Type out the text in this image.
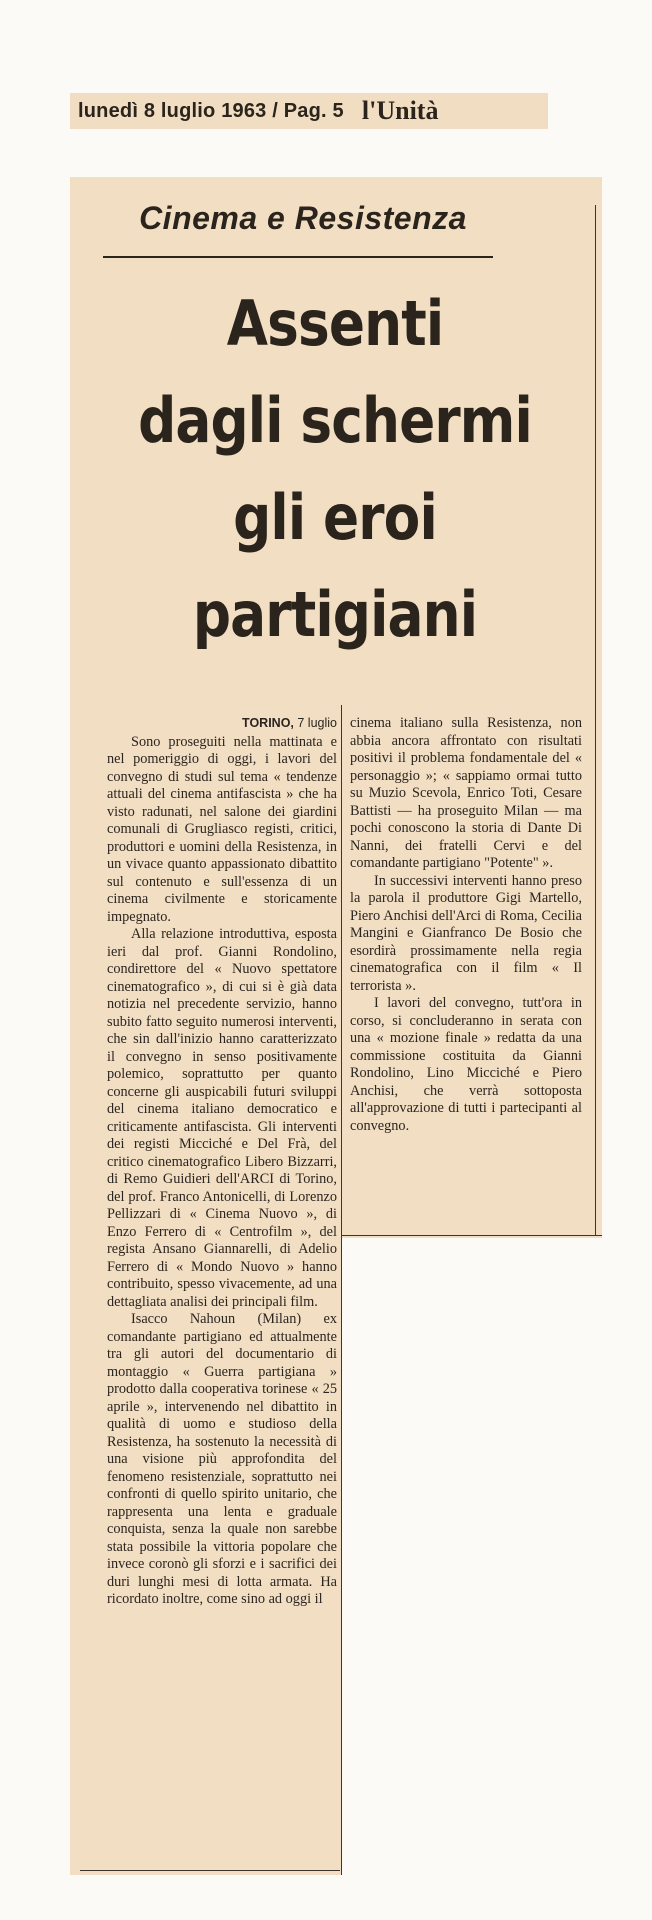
lunedì 8 luglio 1963 / Pag. 5 l'Unità
Cinema e Resistenza
Assenti
dagli schermi
gli eroi
partigiani
TORINO, 7 luglio

Sono proseguiti nella mattinata e nel pomeriggio di oggi, i lavori del convegno di studi sul tema « tendenze attuali del cinema antifascista » che ha visto radunati, nel salone dei giardini comunali di Grugliasco registi, critici, produttori e uomini della Resistenza, in un vivace quanto appassionato dibattito sul contenuto e sull'essenza di un cinema civilmente e storicamente impegnato.

Alla relazione introduttiva, esposta ieri dal prof. Gianni Rondolino, condirettore del « Nuovo spettatore cinematografico », di cui si è già data notizia nel precedente servizio, hanno subito fatto seguito numerosi interventi, che sin dall'inizio hanno caratterizzato il convegno in senso positivamente polemico, soprattutto per quanto concerne gli auspicabili futuri sviluppi del cinema italiano democratico e criticamente antifascista. Gli interventi dei registi Micciché e Del Frà, del critico cinematografico Libero Bizzarri, di Remo Guidieri dell'ARCI di Torino, del prof. Franco Antonicelli, di Lorenzo Pellizzari di « Cinema Nuovo », di Enzo Ferrero di « Centrofilm », del regista Ansano Giannarelli, di Adelio Ferrero di « Mondo Nuovo » hanno contribuito, spesso vivacemente, ad una dettagliata analisi dei principali film.

Isacco Nahoun (Milan) ex comandante partigiano ed attualmente tra gli autori del documentario di montaggio « Guerra partigiana » prodotto dalla cooperativa torinese « 25 aprile », intervenendo nel dibattito in qualità di uomo e studioso della Resistenza, ha sostenuto la necessità di una visione più approfondita del fenomeno resistenziale, soprattutto nei confronti di quello spirito unitario, che rappresenta una lenta e graduale conquista, senza la quale non sarebbe stata possibile la vittoria popolare che invece coronò gli sforzi e i sacrifici dei duri lunghi mesi di lotta armata. Ha ricordato inoltre, come sino ad oggi il

cinema italiano sulla Resistenza, non abbia ancora affrontato con risultati positivi il problema fondamentale del « personaggio »; « sappiamo ormai tutto su Muzio Scevola, Enrico Toti, Cesare Battisti — ha proseguito Milan — ma pochi conoscono la storia di Dante Di Nanni, dei fratelli Cervi e del comandante partigiano "Potente" ».

In successivi interventi hanno preso la parola il produttore Gigi Martello, Piero Anchisi dell'Arci di Roma, Cecilia Mangini e Gianfranco De Bosio che esordirà prossimamente nella regia cinematografica con il film « Il terrorista ».

I lavori del convegno, tutt'ora in corso, si concluderanno in serata con una « mozione finale » redatta da una commissione costituita da Gianni Rondolino, Lino Micciché e Piero Anchisi, che verrà sottoposta all'approvazione di tutti i partecipanti al convegno.
